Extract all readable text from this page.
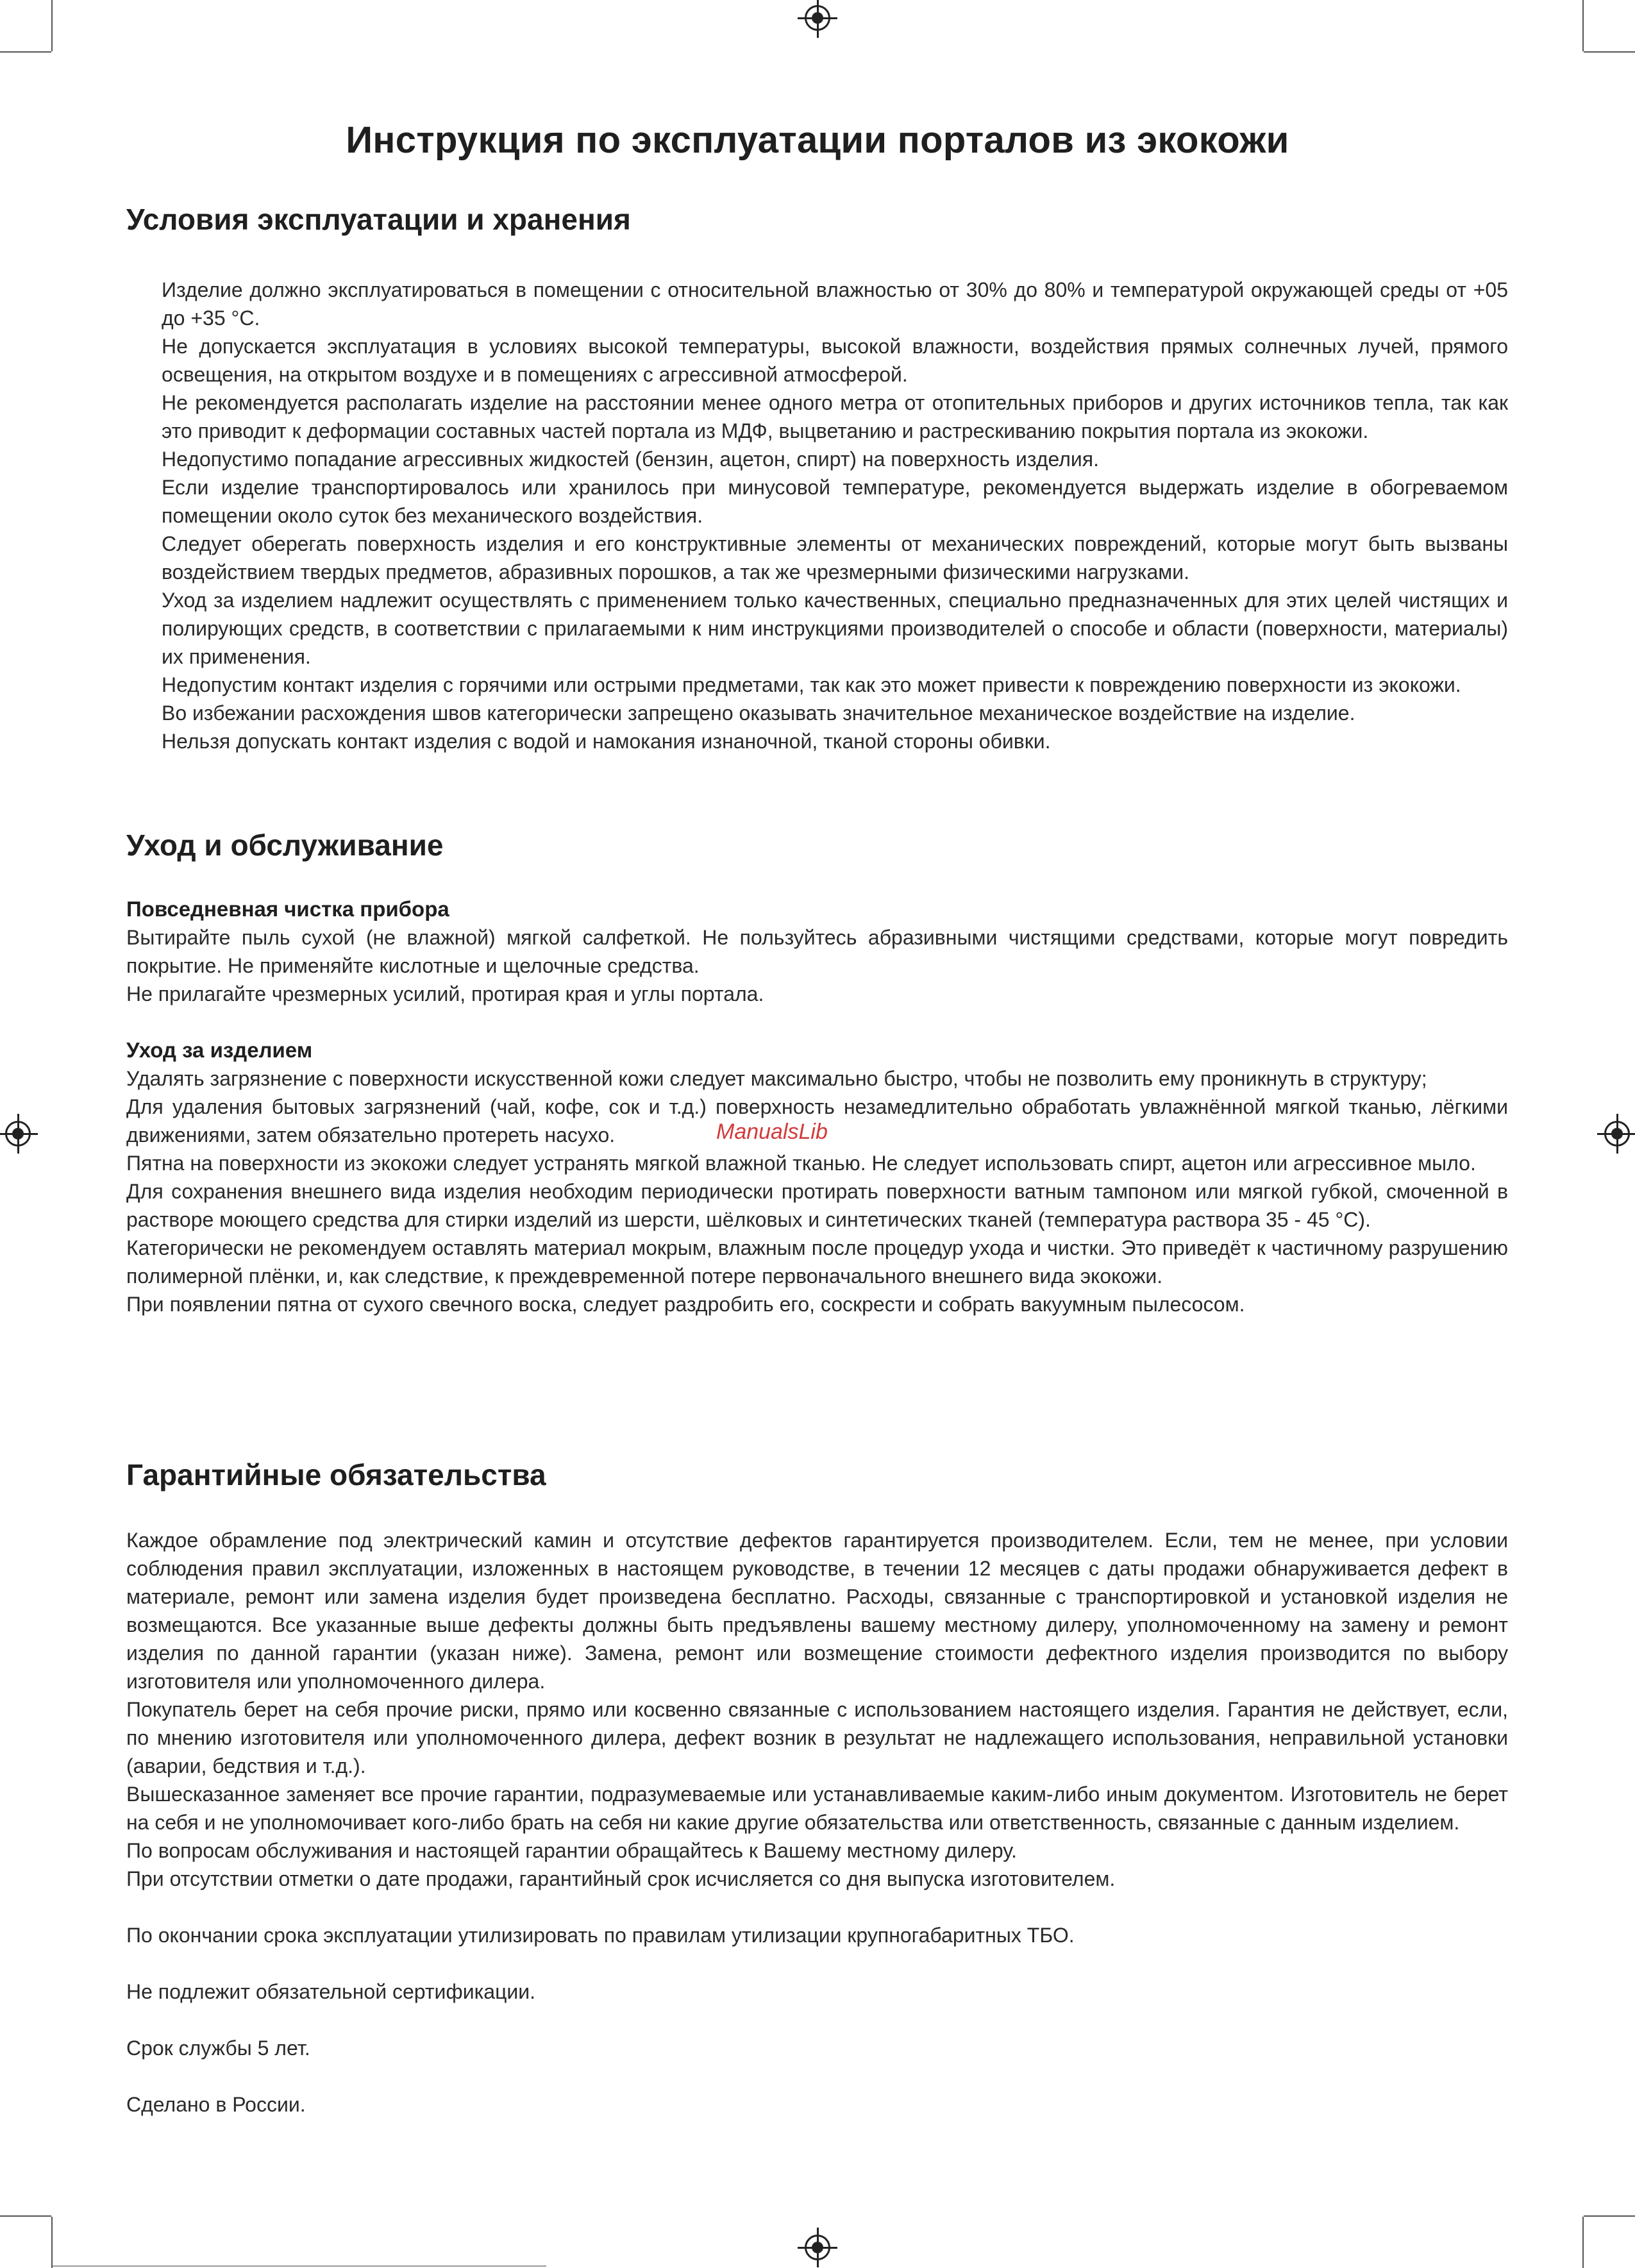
Инструкция по эксплуатации порталов из экокожи
ManualsLib
Условия эксплуатации и хранения

Изделие должно эксплуатироваться в помещении с относительной влажностью от 30% до 80% и температурой окружающей среды от +05 до +35 °С.

Не допускается эксплуатация в условиях высокой температуры, высокой влажности, воздействия прямых солнечных лучей, прямого освещения, на открытом воздухе и в помещениях с агрессивной атмосферой.

Не рекомендуется располагать изделие на расстоянии менее одного метра от отопительных приборов и других источников тепла, так как это приводит к деформации составных частей портала из МДФ, выцветанию и растрескиванию покрытия портала из экокожи.

Недопустимо попадание агрессивных жидкостей (бензин, ацетон, спирт) на поверхность изделия.

Если изделие транспортировалось или хранилось при минусовой температуре, рекомендуется выдержать изделие в обогреваемом помещении около суток без механического воздействия.

Следует оберегать поверхность изделия и его конструктивные элементы от механических повреждений, которые могут быть вызваны воздействием твердых предметов, абразивных порошков, а так же чрезмерными физическими нагрузками.

Уход за изделием надлежит осуществлять с применением только качественных, специально предназначенных для этих целей чистящих и полирующих средств, в соответствии с прилагаемыми к ним инструкциями производителей о способе и области (поверхности, материалы) их применения.

Недопустим контакт изделия с горячими или острыми предметами, так как это может привести к повреждению поверхности из экокожи.

Во избежании расхождения швов категорически запрещено оказывать значительное механическое воздействие на изделие.

Нельзя допускать контакт изделия с водой и намокания изнаночной, тканой стороны обивки.

Уход и обслуживание
Повседневная чистка прибора

Вытирайте пыль сухой (не влажной) мягкой салфеткой. Не пользуйтесь абразивными чистящими средствами, которые могут повредить покрытие. Не применяйте кислотные и щелочные средства.

Не прилагайте чрезмерных усилий, протирая края и углы портала.

Уход за изделием

Удалять загрязнение с поверхности искусственной кожи следует максимально быстро, чтобы не позволить ему проникнуть в структуру;

Для удаления бытовых загрязнений (чай, кофе, сок и т.д.) поверхность незамедлительно обработать увлажнённой мягкой тканью, лёгкими движениями, затем обязательно протереть насухо.

Пятна на поверхности из экокожи следует устранять мягкой влажной тканью. Не следует использовать спирт, ацетон или агрессивное мыло.

Для сохранения внешнего вида изделия необходим периодически протирать поверхности ватным тампоном или мягкой губкой, смоченной в растворе моющего средства для стирки изделий из шерсти, шёлковых и синтетических тканей (температура раствора 35 - 45 °С).

Категорически не рекомендуем оставлять материал мокрым, влажным после процедур ухода и чистки. Это приведёт к частичному разрушению полимерной плёнки, и, как следствие, к преждевременной потере первоначального внешнего вида экокожи.

При появлении пятна от сухого свечного воска, следует раздробить его, соскрести и собрать вакуумным пылесосом.

Гарантийные обязательства

Каждое обрамление под электрический камин и отсутствие дефектов гарантируется производителем. Если, тем не менее, при условии соблюдения правил эксплуатации, изложенных в настоящем руководстве, в течении 12 месяцев с даты продажи обнаруживается дефект в материале, ремонт или замена изделия будет произведена бесплатно. Расходы, связанные с транспортировкой и установкой изделия не возмещаются. Все указанные выше дефекты должны быть предъявлены вашему местному дилеру, уполномоченному на замену и ремонт изделия по данной гарантии (указан ниже). Замена, ремонт или возмещение стоимости дефектного изделия производится по выбору изготовителя или уполномоченного дилера.

Покупатель берет на себя прочие риски, прямо или косвенно связанные с использованием настоящего изделия. Гарантия не действует, если, по мнению изготовителя или уполномоченного дилера, дефект возник в результат не надлежащего использования, неправильной установки (аварии, бедствия и т.д.).

Вышесказанное заменяет все прочие гарантии, подразумеваемые или устанавливаемые каким-либо иным документом. Изготовитель не берет на себя и не уполномочивает кого-либо брать на себя ни какие другие обязательства или ответственность, связанные с данным изделием.

По вопросам обслуживания и настоящей гарантии обращайтесь к Вашему местному дилеру.

При отсутствии отметки о дате продажи, гарантийный срок исчисляется со дня выпуска изготовителем.

По окончании срока эксплуатации утилизировать по правилам утилизации крупногабаритных ТБО.

Не подлежит обязательной сертификации.

Срок службы 5 лет.

Сделано в России.
